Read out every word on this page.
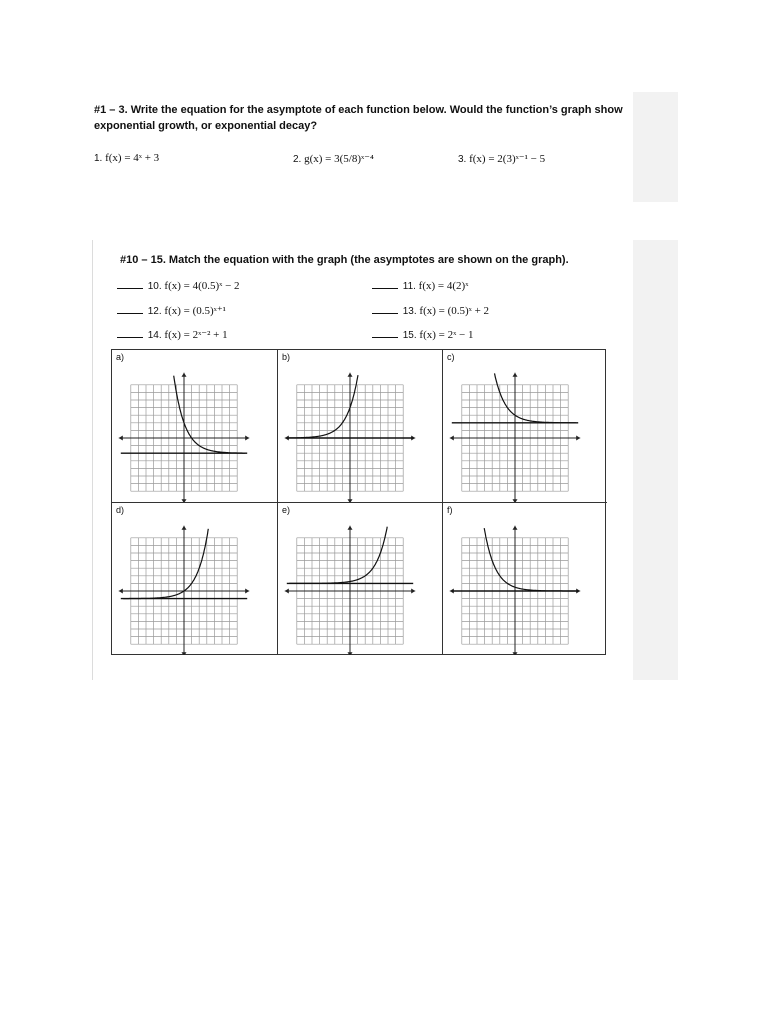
#1 – 3. Write the equation for the asymptote of each function below. Would the function’s graph show exponential growth, or exponential decay?
1. f(x) = 4ˣ + 3	2. g(x) = 3(5/8)ˣ⁻⁴	3. f(x) = 2(3)ˣ⁻¹ − 5
#10 – 15. Match the equation with the graph (the asymptotes are shown on the graph).
10. f(x) = 4(0.5)ˣ − 2	11. f(x) = 4(2)ˣ
12. f(x) = (0.5)ˣ⁺¹	13. f(x) = (0.5)ˣ + 2
14. f(x) = 2ˣ⁻² + 1	15. f(x) = 2ˣ − 1
a)	b)	c)
d)	e)	f)
